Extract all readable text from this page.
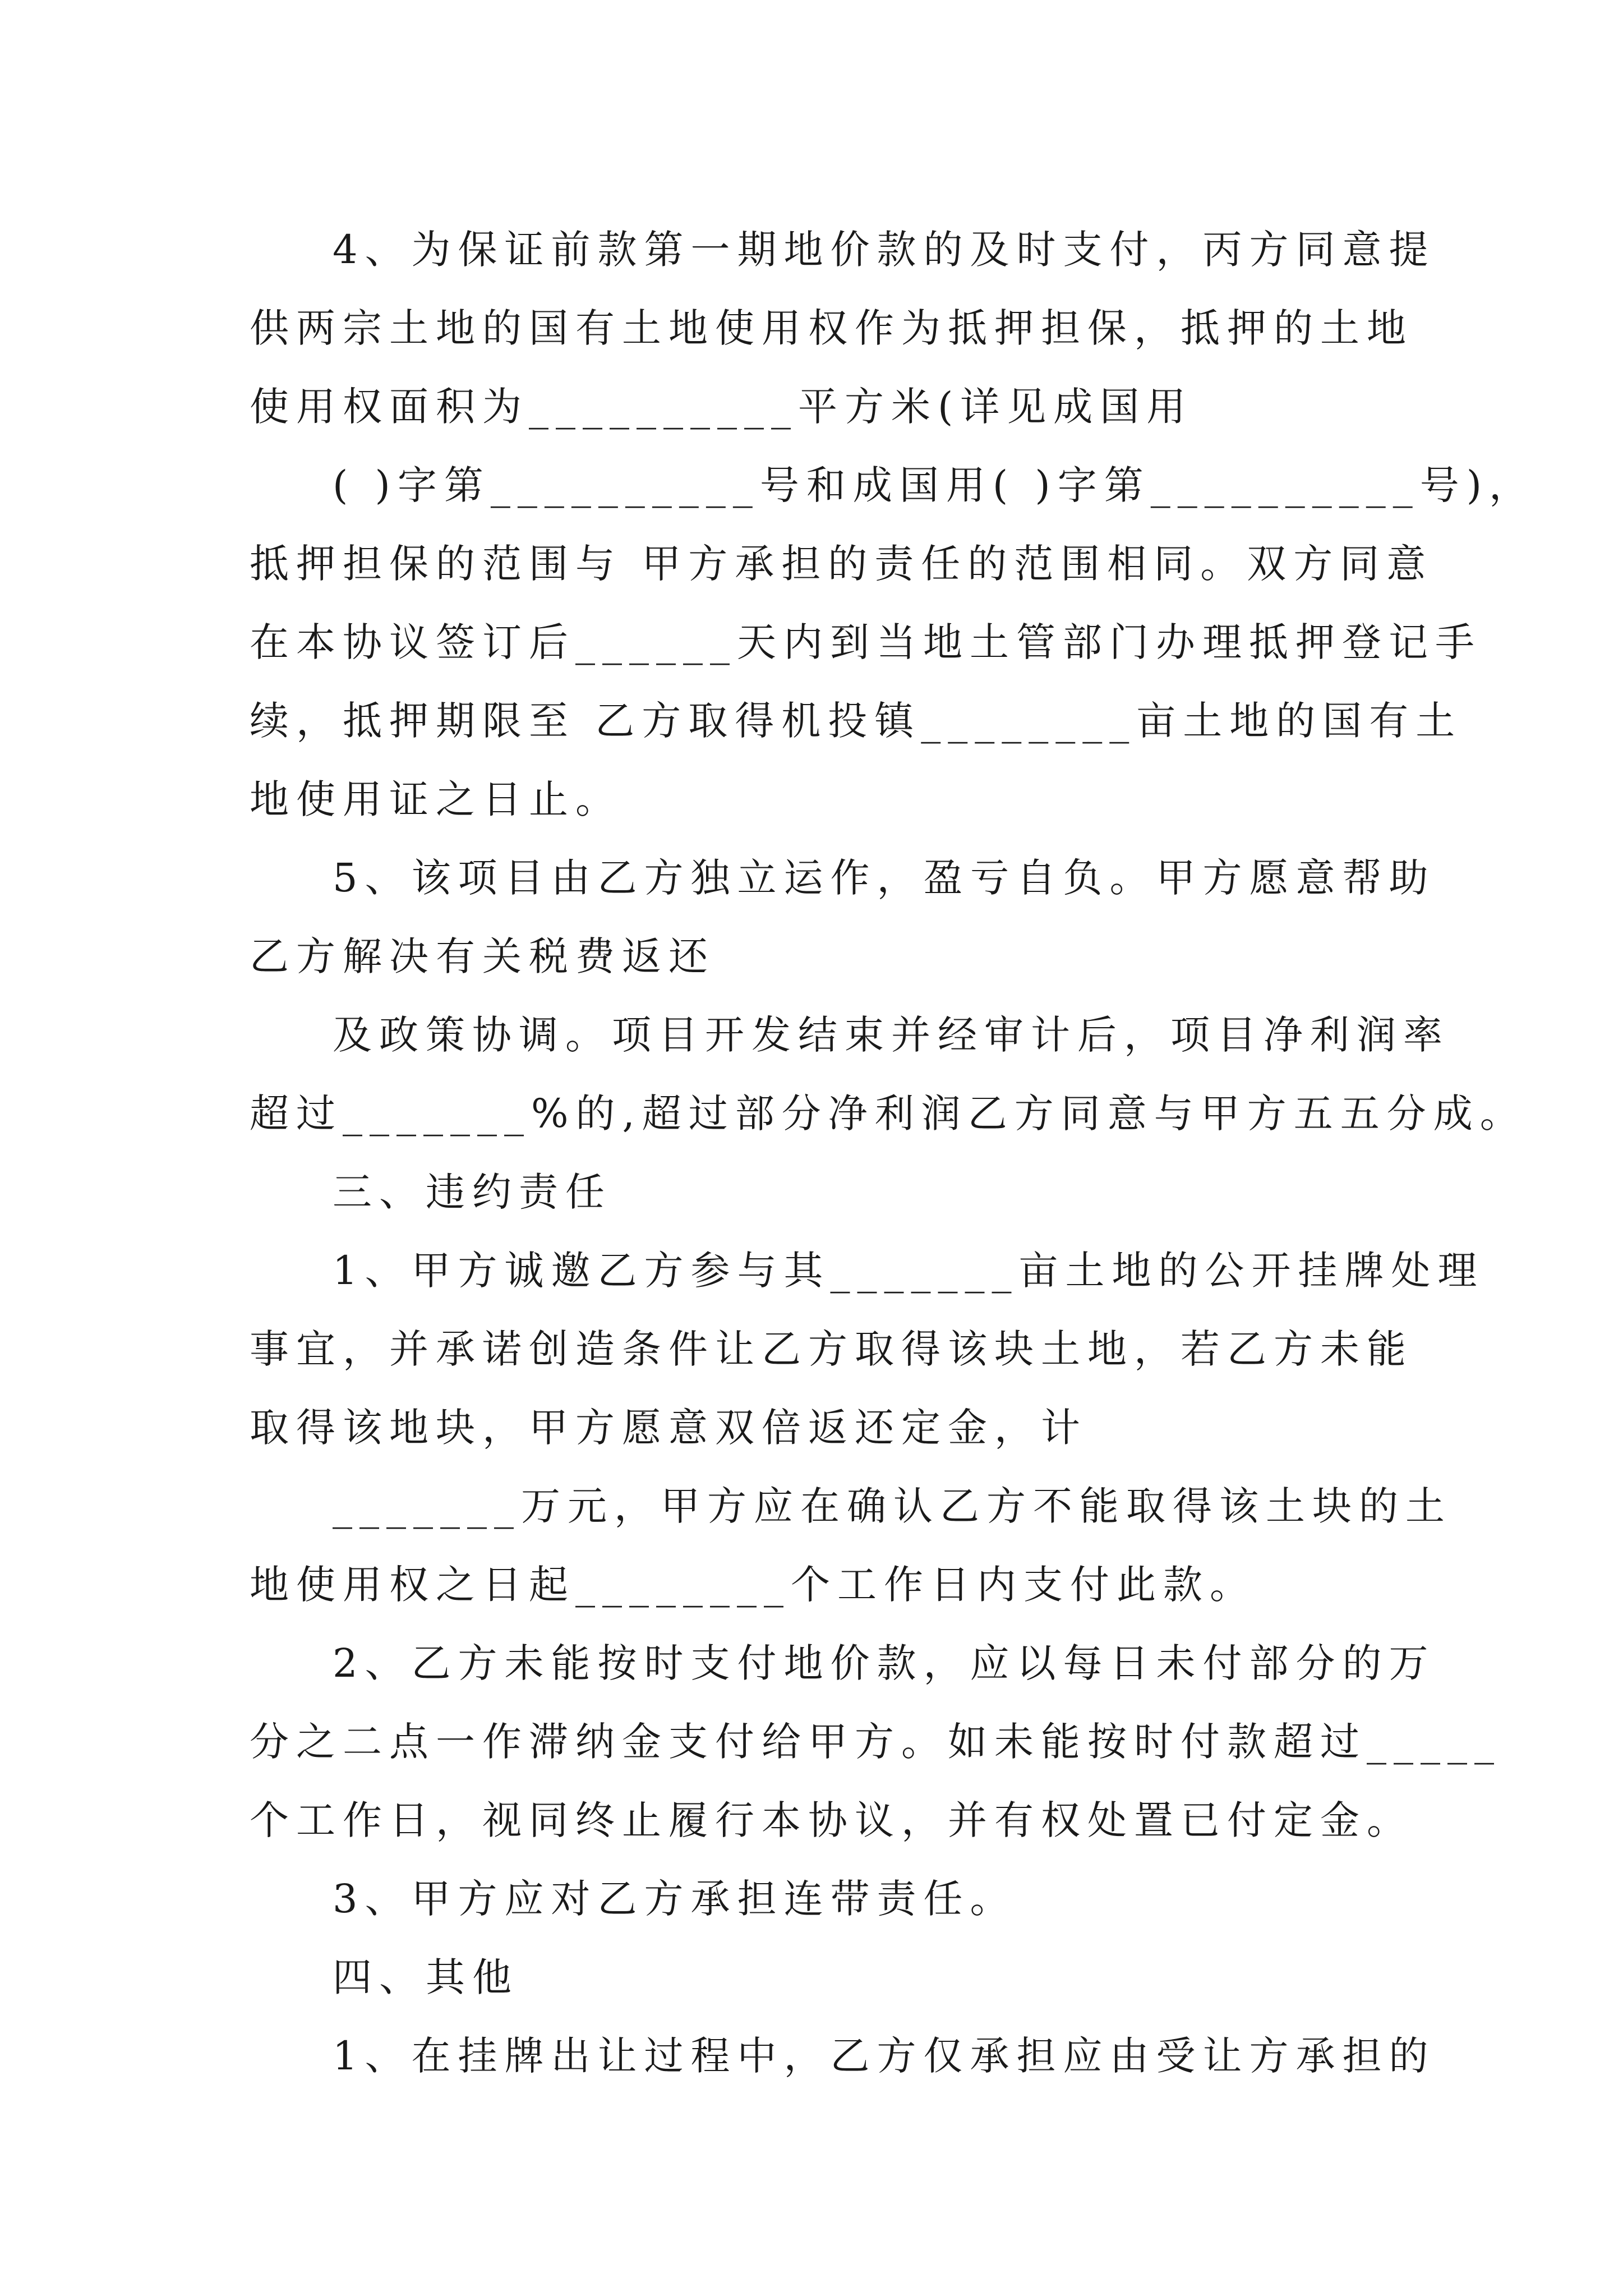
4、为保证前款第一期地价款的及时支付，丙方同意提
供两宗土地的国有土地使用权作为抵押担保，抵押的土地
使用权面积为__________平方米(详见成国用
( )字第__________号和成国用( )字第__________号)，
抵押担保的范围与 甲方承担的责任的范围相同。双方同意
在本协议签订后______天内到当地土管部门办理抵押登记手
续，抵押期限至 乙方取得机投镇________亩土地的国有土
地使用证之日止。
5、该项目由乙方独立运作，盈亏自负。甲方愿意帮助
乙方解决有关税费返还
及政策协调。项目开发结束并经审计后，项目净利润率
超过_______%的,超过部分净利润乙方同意与甲方五五分成。
三、违约责任
1、甲方诚邀乙方参与其_______亩土地的公开挂牌处理
事宜，并承诺创造条件让乙方取得该块土地，若乙方未能
取得该地块，甲方愿意双倍返还定金，计
_______万元，甲方应在确认乙方不能取得该土块的土
地使用权之日起________个工作日内支付此款。
2、乙方未能按时支付地价款，应以每日未付部分的万
分之二点一作滞纳金支付给甲方。如未能按时付款超过_____
个工作日，视同终止履行本协议，并有权处置已付定金。
3、甲方应对乙方承担连带责任。
四、其他
1、在挂牌出让过程中，乙方仅承担应由受让方承担的
